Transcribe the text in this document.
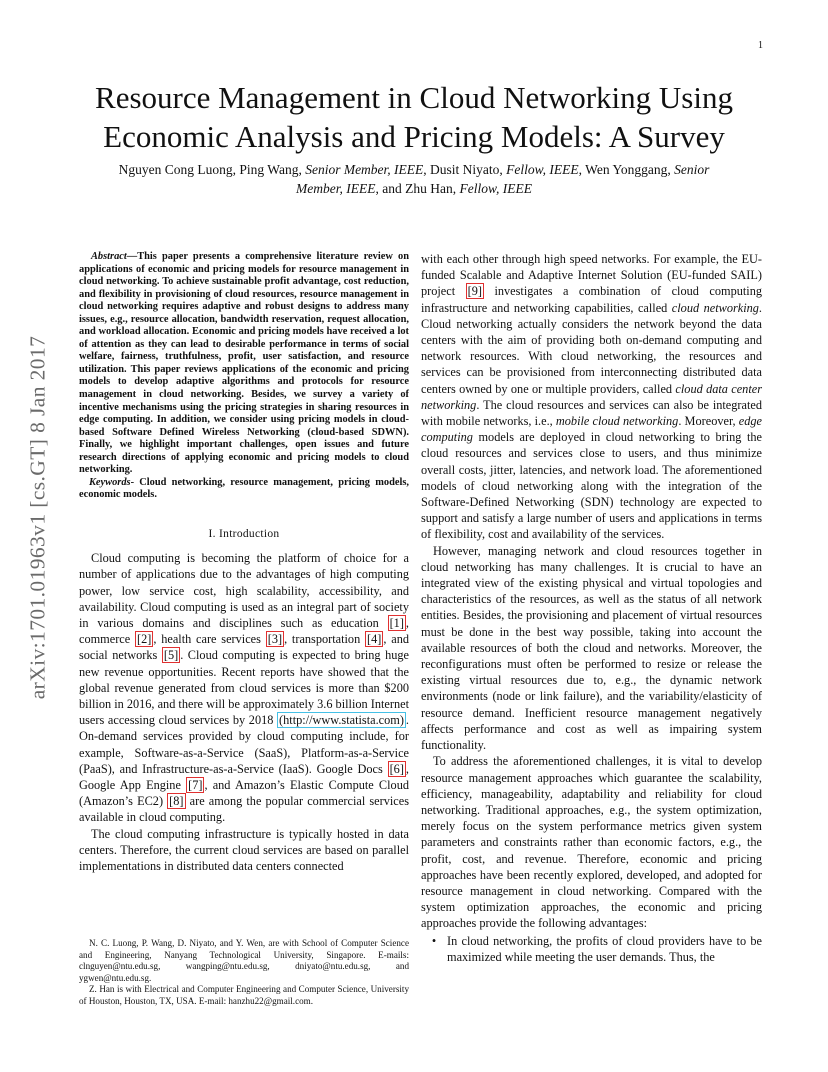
1
Resource Management in Cloud Networking Using Economic Analysis and Pricing Models: A Survey
Nguyen Cong Luong, Ping Wang, Senior Member, IEEE, Dusit Niyato, Fellow, IEEE, Wen Yonggang, Senior
Member, IEEE, and Zhu Han, Fellow, IEEE
arXiv:1701.01963v1 [cs.GT] 8 Jan 2017

Abstract—This paper presents a comprehensive literature review on applications of economic and pricing models for resource management in cloud networking. To achieve sustainable profit advantage, cost reduction, and flexibility in provisioning of cloud resources, resource management in cloud networking requires adaptive and robust designs to address many issues, e.g., resource allocation, bandwidth reservation, request allocation, and workload allocation. Economic and pricing models have received a lot of attention as they can lead to desirable performance in terms of social welfare, fairness, truthfulness, profit, user satisfaction, and resource utilization. This paper reviews applications of the economic and pricing models to develop adaptive algorithms and protocols for resource management in cloud networking. Besides, we survey a variety of incentive mechanisms using the pricing strategies in sharing resources in edge computing. In addition, we consider using pricing models in cloud-based Software Defined Wireless Networking (cloud-based SDWN). Finally, we highlight important challenges, open issues and future research directions of applying economic and pricing models to cloud networking.

Keywords- Cloud networking, resource management, pricing models, economic models.

I. Introduction

Cloud computing is becoming the platform of choice for a number of applications due to the advantages of high computing power, low service cost, high scalability, accessibility, and availability. Cloud computing is used as an integral part of society in various domains and disciplines such as education [1] , commerce [2] , health care services [3] , transportation [4] , and social networks [5] . Cloud computing is expected to bring huge new revenue opportunities. Recent reports have showed that the global revenue generated from cloud services is more than $200 billion in 2016, and there will be approximately 3.6 billion Internet users accessing cloud services by 2018 (http://www.statista.com) . On-demand services provided by cloud computing include, for example, Software-as-a-Service (SaaS), Platform-as-a-Service (PaaS), and Infrastructure-as-a-Service (IaaS). Google Docs [6] , Google App Engine [7] , and Amazon’s Elastic Compute Cloud (Amazon’s EC2) [8] are among the popular commercial services available in cloud computing.

The cloud computing infrastructure is typically hosted in data centers. Therefore, the current cloud services are based on parallel implementations in distributed data centers connected

N. C. Luong, P. Wang, D. Niyato, and Y. Wen, are with School of Computer Science and Engineering, Nanyang Technological University, Singapore. E-mails: clnguyen@ntu.edu.sg, wangping@ntu.edu.sg, dniyato@ntu.edu.sg, and ygwen@ntu.edu.sg.

Z. Han is with Electrical and Computer Engineering and Computer Science, University of Houston, Houston, TX, USA. E-mail: hanzhu22@gmail.com.

with each other through high speed networks. For example, the EU-funded Scalable and Adaptive Internet Solution (EU-funded SAIL) project [9] investigates a combination of cloud computing infrastructure and networking capabilities, called cloud networking. Cloud networking actually considers the network beyond the data centers with the aim of providing both on-demand computing and network resources. With cloud networking, the resources and services can be provisioned from interconnecting distributed data centers owned by one or multiple providers, called cloud data center networking. The cloud resources and services can also be integrated with mobile networks, i.e., mobile cloud networking. Moreover, edge computing models are deployed in cloud networking to bring the cloud resources and services close to users, and thus minimize overall costs, jitter, latencies, and network load. The aforementioned models of cloud networking along with the integration of the Software-Defined Networking (SDN) technology are expected to support and satisfy a large number of users and applications in terms of flexibility, cost and availability of the services.

However, managing network and cloud resources together in cloud networking has many challenges. It is crucial to have an integrated view of the existing physical and virtual topologies and characteristics of the resources, as well as the status of all network entities. Besides, the provisioning and placement of virtual resources must be done in the best way possible, taking into account the available resources of both the cloud and networks. Moreover, the reconfigurations must often be performed to resize or release the existing virtual resources due to, e.g., the dynamic network environments (node or link failure), and the variability/elasticity of resource demand. Inefficient resource management negatively affects performance and cost as well as impairing system functionality.

To address the aforementioned challenges, it is vital to develop resource management approaches which guarantee the scalability, efficiency, manageability, adaptability and reliability for cloud networking. Traditional approaches, e.g., the system optimization, merely focus on the system performance metrics given system parameters and constraints rather than economic factors, e.g., the profit, cost, and revenue. Therefore, economic and pricing approaches have been recently explored, developed, and adopted for resource management in cloud networking. Compared with the system optimization approaches, the economic and pricing approaches provide the following advantages:

• In cloud networking, the profits of cloud providers have to be maximized while meeting the user demands. Thus, the
